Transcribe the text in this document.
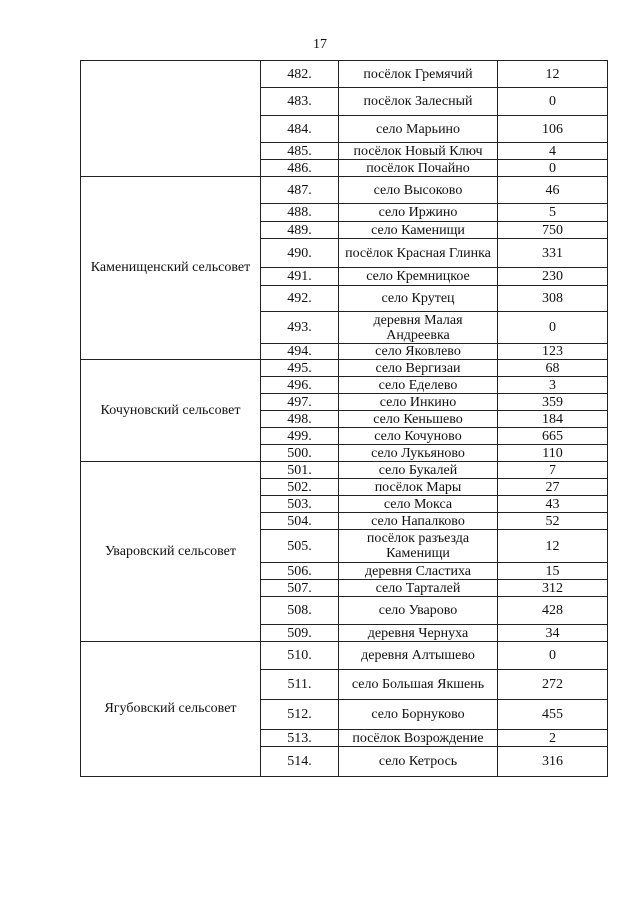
17
	482.	посёлок Гремячий	12
	483.	посёлок Залесный	0
	484.	село Марьино	106
	485.	посёлок Новый Ключ	4
	486.	посёлок Почайно	0
Каменищенский сельсовет	487.	село Высоково	46
	488.	село Иржино	5
	489.	село Каменищи	750
	490.	посёлок Красная Глинка	331
	491.	село Кремницкое	230
	492.	село Крутец	308
	493.	деревня Малая Андреевка	0
	494.	село Яковлево	123
Кочуновский сельсовет	495.	село Вергизаи	68
	496.	село Еделево	3
	497.	село Инкино	359
	498.	село Кеньшево	184
	499.	село Кочуново	665
	500.	село Лукьяново	110
Уваровский сельсовет	501.	село Букалей	7
	502.	посёлок Мары	27
	503.	село Мокса	43
	504.	село Напалково	52
	505.	посёлок разъезда Каменищи	12
	506.	деревня Сластиха	15
	507.	село Тарталей	312
	508.	село Уварово	428
	509.	деревня Чернуха	34
Ягубовский сельсовет	510.	деревня Алтышево	0
	511.	село Большая Якшень	272
	512.	село Борнуково	455
	513.	посёлок Возрождение	2
	514.	село Кетрось	316
